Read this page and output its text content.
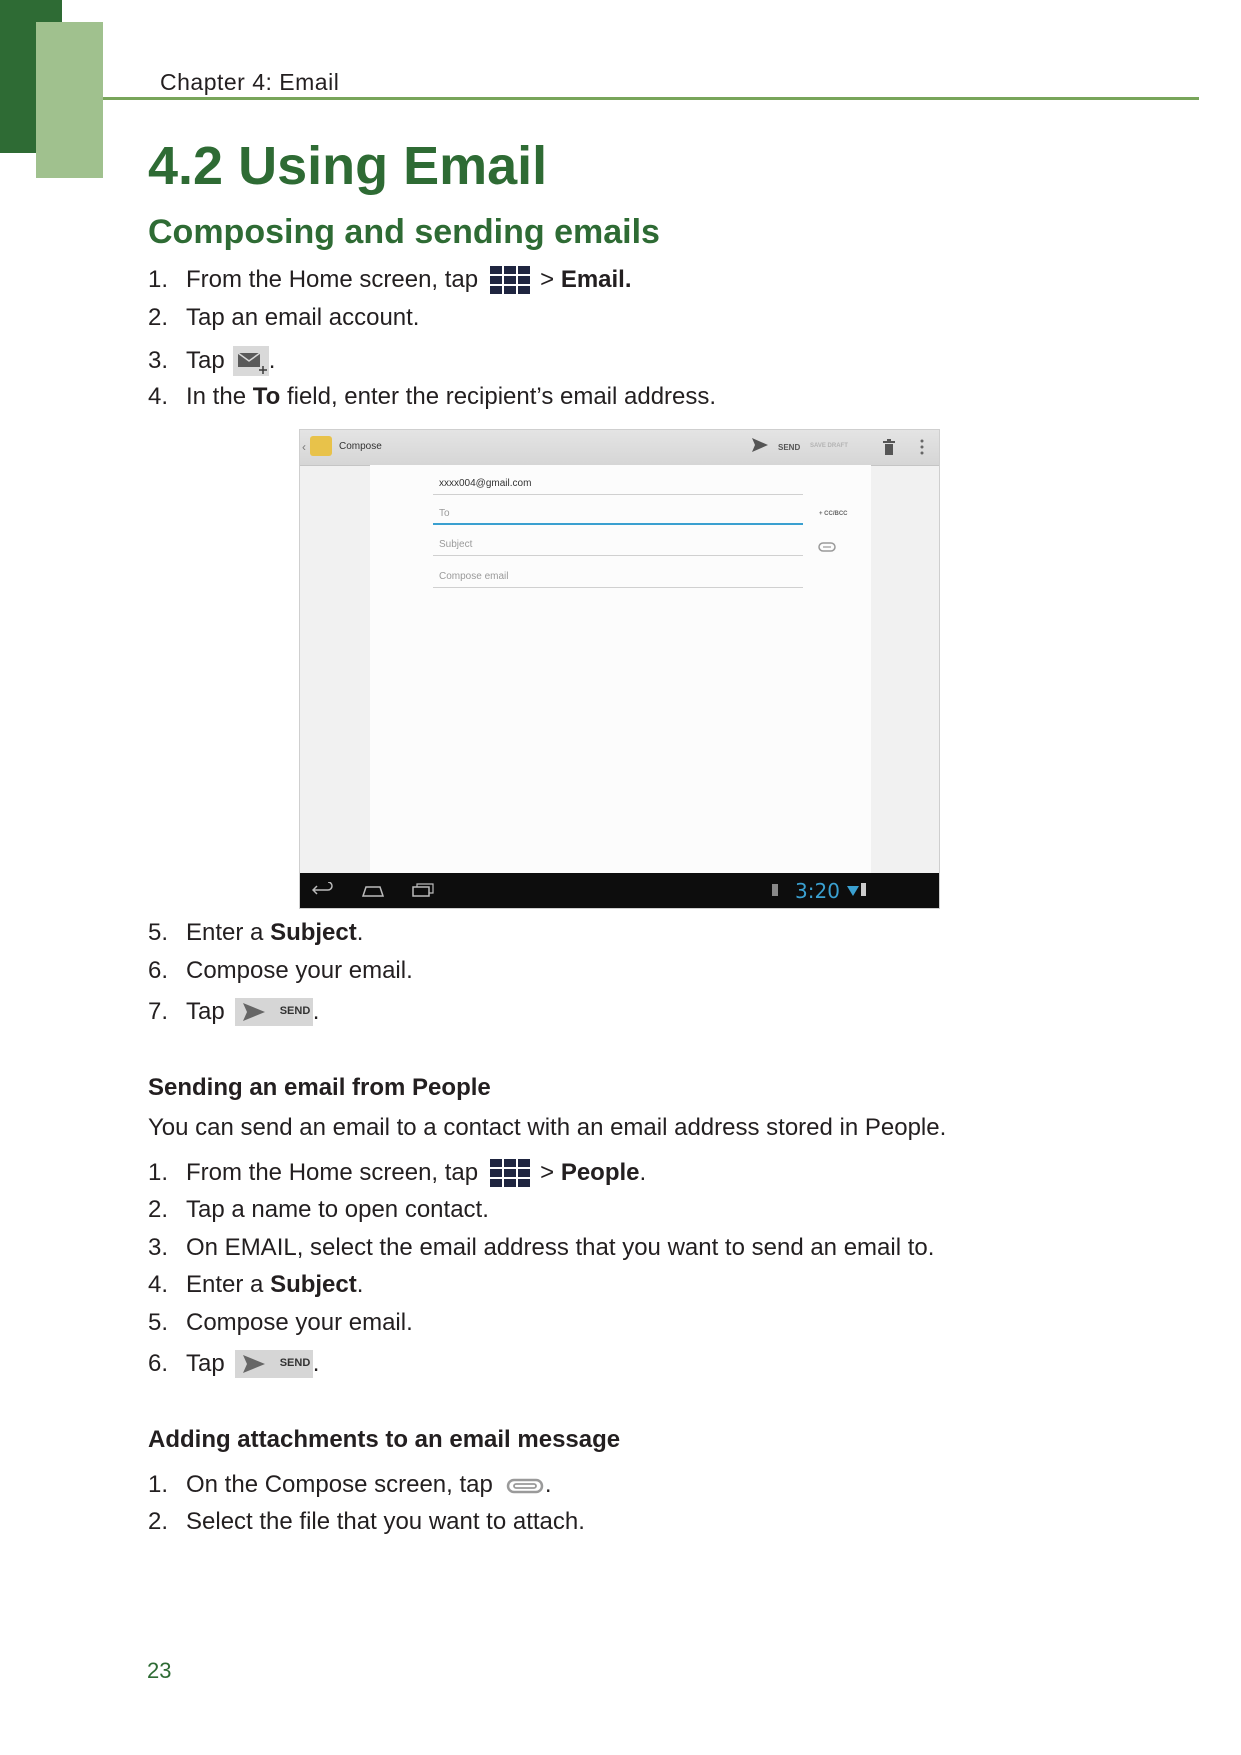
Chapter 4: Email
4.2 Using Email
Composing and sending emails
1. From the Home screen, tap	>
Email.
2. Tap an email account.
3. Tap .
4. In the
To
field, enter the recipient’s email address.
‹	Compose	SEND SAVE DRAFT
xxxx004@gmail.com
To	+ CC/BCC
Subject
Compose email
3:20
5. Enter a
Subject .
6. Compose your email.
7. Tap	SEND .
Sending an email from People
You can send an email to a contact with an email address stored in People.
1. From the Home screen, tap	>
People .
2. Tap a name to open contact.
3. On EMAIL, select the email address that you want to send an email to.
4. Enter a
Subject .
5. Compose your email.
6. Tap	SEND .
Adding attachments to an email message
1. On the Compose screen, tap .
2. Select the file that you want to attach.
23
